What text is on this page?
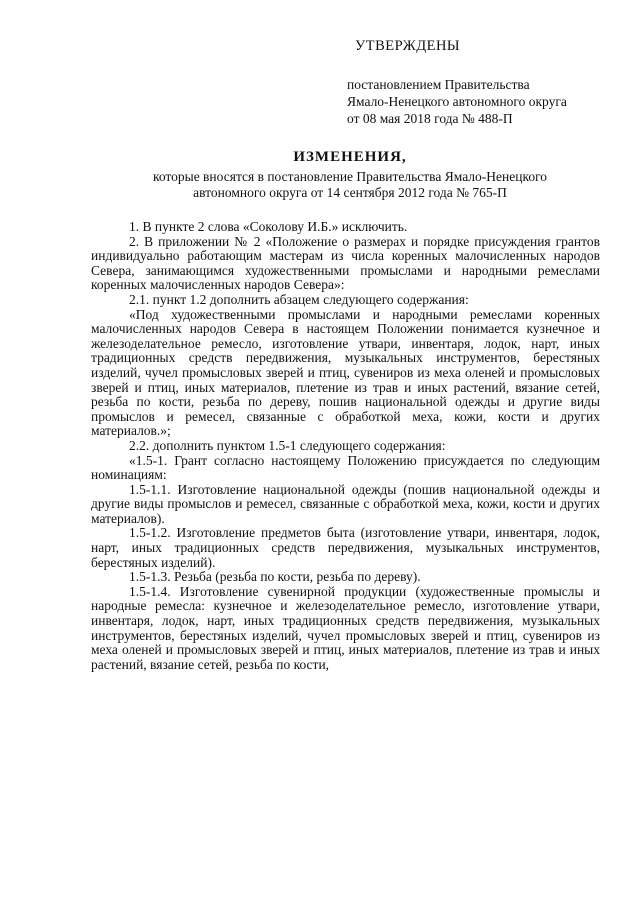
УТВЕРЖДЕНЫ
постановлением Правительства
Ямало-Ненецкого автономного округа
от 08 мая 2018 года № 488-П
ИЗМЕНЕНИЯ,
которые вносятся в постановление Правительства Ямало-Ненецкого
автономного округа от 14 сентября 2012 года № 765-П

1. В пункте 2 слова «Соколову И.Б.» исключить.

2. В приложении № 2 «Положение о размерах и порядке присуждения грантов индивидуально работающим мастерам из числа коренных малочисленных народов Севера, занимающимся художественными промыслами и народными ремеслами коренных малочисленных народов Севера»:

2.1. пункт 1.2 дополнить абзацем следующего содержания:

«Под художественными промыслами и народными ремеслами коренных малочисленных народов Севера в настоящем Положении понимается кузнечное и железоделательное ремесло, изготовление утвари, инвентаря, лодок, нарт, иных традиционных средств передвижения, музыкальных инструментов, берестяных изделий, чучел промысловых зверей и птиц, сувениров из меха оленей и промысловых зверей и птиц, иных материалов, плетение из трав и иных растений, вязание сетей, резьба по кости, резьба по дереву, пошив национальной одежды и другие виды промыслов и ремесел, связанные с обработкой меха, кожи, кости и других материалов.»;

2.2. дополнить пунктом 1.5-1 следующего содержания:

«1.5-1. Грант согласно настоящему Положению присуждается по следующим номинациям:

1.5-1.1. Изготовление национальной одежды (пошив национальной одежды и другие виды промыслов и ремесел, связанные с обработкой меха, кожи, кости и других материалов).

1.5-1.2. Изготовление предметов быта (изготовление утвари, инвентаря, лодок, нарт, иных традиционных средств передвижения, музыкальных инструментов, берестяных изделий).

1.5-1.3. Резьба (резьба по кости, резьба по дереву).

1.5-1.4. Изготовление сувенирной продукции (художественные промыслы и народные ремесла: кузнечное и железоделательное ремесло, изготовление утвари, инвентаря, лодок, нарт, иных традиционных средств передвижения, музыкальных инструментов, берестяных изделий, чучел промысловых зверей и птиц, сувениров из меха оленей и промысловых зверей и птиц, иных материалов, плетение из трав и иных растений, вязание сетей, резьба по кости,
